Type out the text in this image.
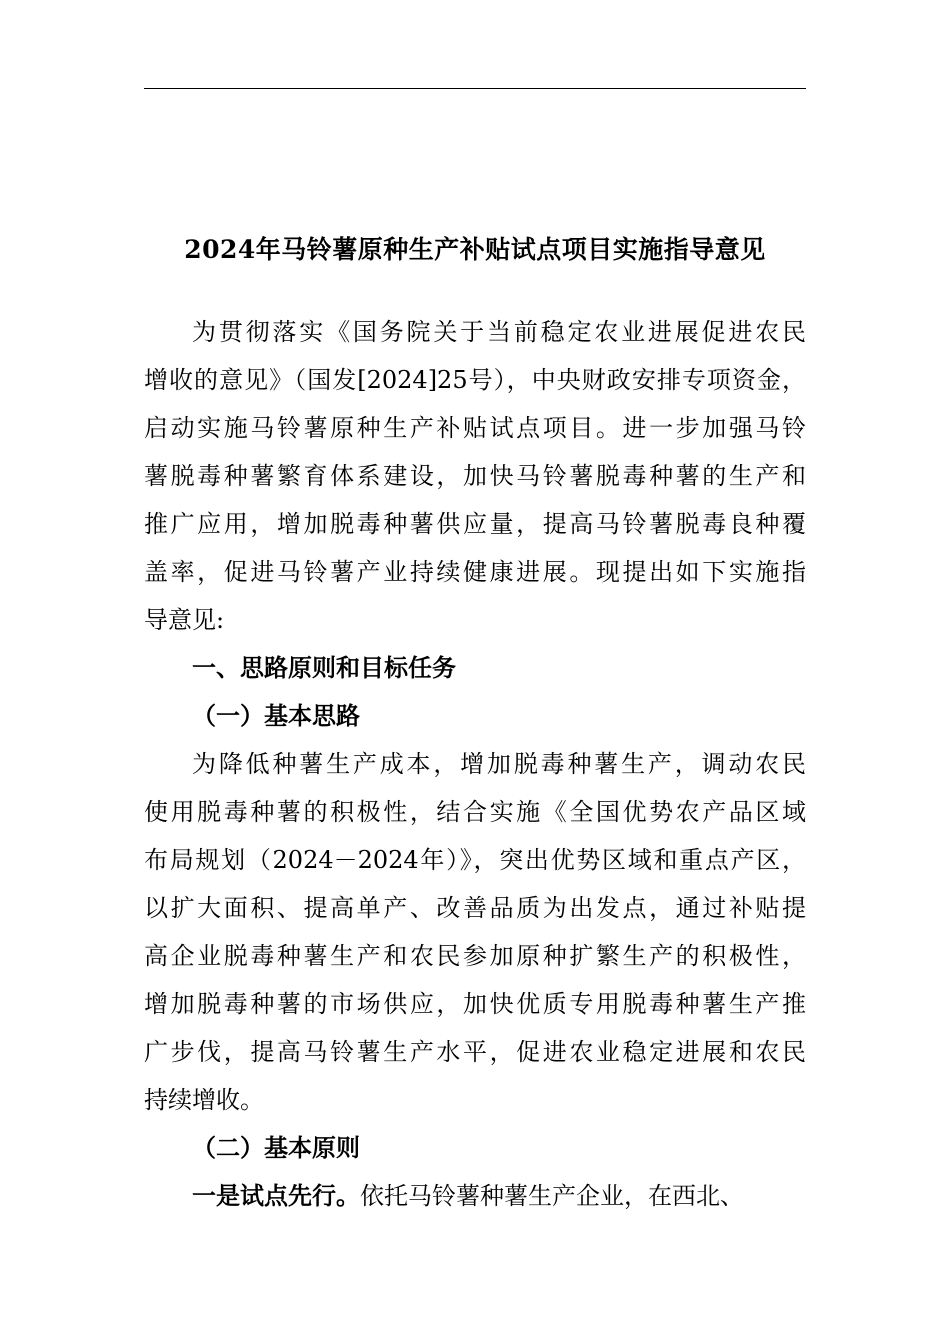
2024年马铃薯原种生产补贴试点项目实施指导意见
为贯彻落实《国务院关于当前稳定农业进展促进农民
增收的意见》（国发[2024]25号），中央财政安排专项资金，
启动实施马铃薯原种生产补贴试点项目。进一步加强马铃
薯脱毒种薯繁育体系建设，加快马铃薯脱毒种薯的生产和
推广应用，增加脱毒种薯供应量，提高马铃薯脱毒良种覆
盖率，促进马铃薯产业持续健康进展。现提出如下实施指
导意见:
一、思路原则和目标任务
（一）基本思路
为降低种薯生产成本，增加脱毒种薯生产，调动农民
使用脱毒种薯的积极性，结合实施《全国优势农产品区域
布局规划（2024－2024年）》，突出优势区域和重点产区，
以扩大面积、提高单产、改善品质为出发点，通过补贴提
高企业脱毒种薯生产和农民参加原种扩繁生产的积极性，
增加脱毒种薯的市场供应，加快优质专用脱毒种薯生产推
广步伐，提高马铃薯生产水平，促进农业稳定进展和农民
持续增收。
（二）基本原则
一是试点先行。依托马铃薯种薯生产企业，在西北、
